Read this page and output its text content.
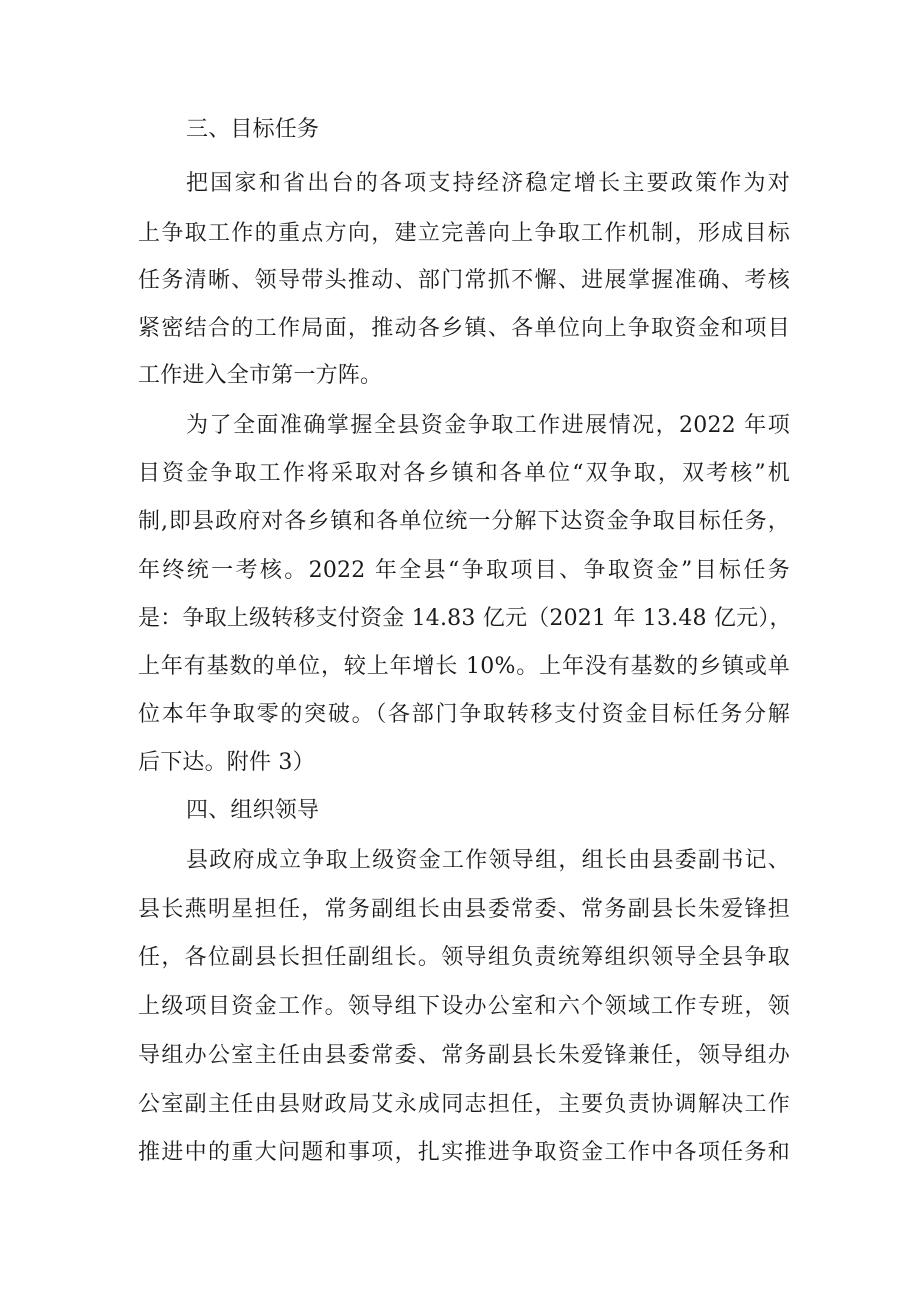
三、目标任务
把国家和省出台的各项支持经济稳定增长主要政策作为对
上争取工作的重点方向，建立完善向上争取工作机制，形成目标
任务清晰、领导带头推动、部门常抓不懈、进展掌握准确、考核
紧密结合的工作局面，推动各乡镇、各单位向上争取资金和项目
工作进入全市第一方阵。
为了全面准确掌握全县资金争取工作进展情况，2022 年项
目资金争取工作将采取对各乡镇和各单位“双争取，双考核”机
制,即县政府对各乡镇和各单位统一分解下达资金争取目标任务，
年终统一考核。2022 年全县“争取项目、争取资金”目标任务
是：争取上级转移支付资金 14.83 亿元（2021 年 13.48 亿元），
上年有基数的单位，较上年增长 10%。上年没有基数的乡镇或单
位本年争取零的突破。（各部门争取转移支付资金目标任务分解
后下达。附件 3）
四、组织领导
县政府成立争取上级资金工作领导组，组长由县委副书记、
县长燕明星担任，常务副组长由县委常委、常务副县长朱爱锋担
任，各位副县长担任副组长。领导组负责统筹组织领导全县争取
上级项目资金工作。领导组下设办公室和六个领域工作专班，领
导组办公室主任由县委常委、常务副县长朱爱锋兼任，领导组办
公室副主任由县财政局艾永成同志担任，主要负责协调解决工作
推进中的重大问题和事项，扎实推进争取资金工作中各项任务和
